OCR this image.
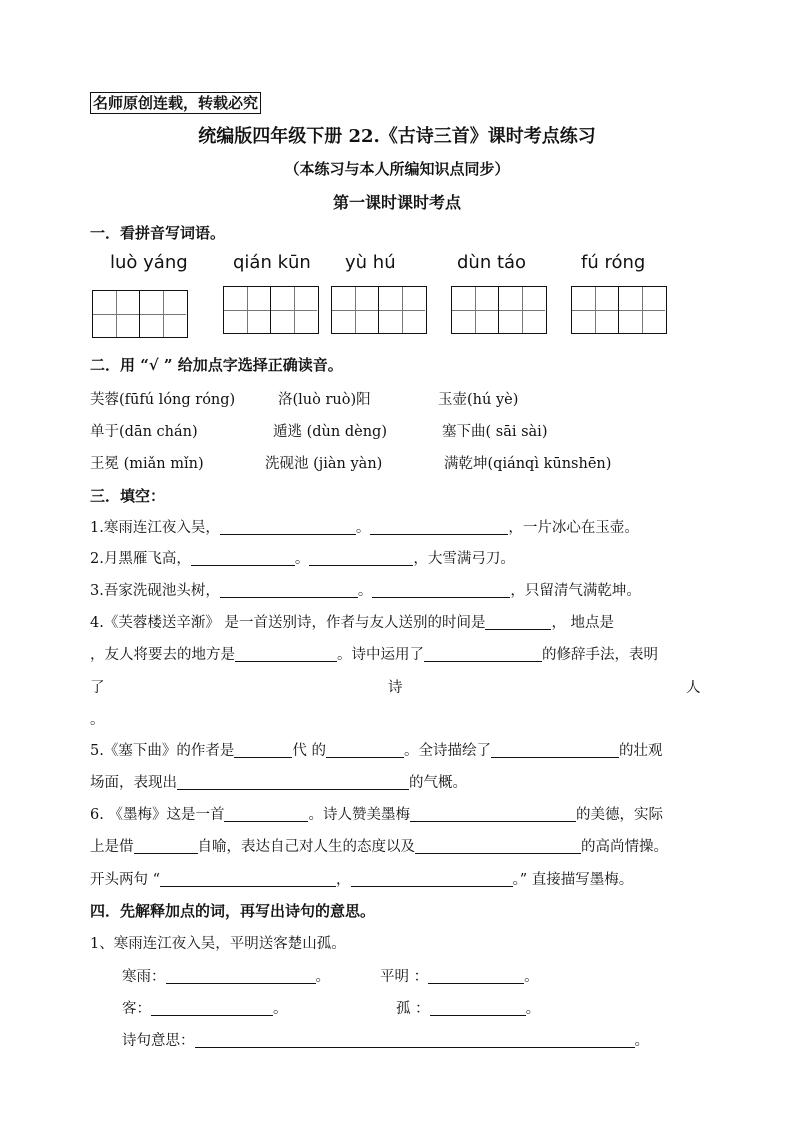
名师原创连载，转载必究
统编版四年级下册 22.《古诗三首》课时考点练习
（本练习与本人所编知识点同步）
第一课时课时考点
一．看拼音写词语。
luò yáng	qián kūn yù hú	dùn táo	fú róng
二．用 “√ ” 给加点字选择正确读音。
芙蓉(fūfú lóng róng)	洛(luò ruò)阳	玉壶(hú yè)
单于(dān chán)	遁逃 (dùn dèng)	塞下曲( sāi sài)
王冕 (miǎn mǐn)	洗砚池 (jiàn yàn)	满乾坤(qiánqì kūnshēn)
三．填空：
1.寒雨连江夜入吴，	。	，一片冰心在玉壶。
2.月黑雁飞高，	。	，大雪满弓刀。
3.吾家洗砚池头树，	。	，只留清气满乾坤。
4.《芙蓉楼送辛渐》 是一首送别诗，作者与友人送别的时间是	， 地点是
，友人将要去的地方是	。诗中运用了	的修辞手法，表明
了	诗	人
。
5.《塞下曲》的作者是	代 的	。全诗描绘了	的壮观
场面，表现出	的气概。
6. 《墨梅》这是一首	。诗人赞美墨梅	的美德，实际
上是借	自喻，表达自己对人生的态度以及	的高尚情操。
开头两句 “	，	。” 直接描写墨梅。
四．先解释加点的词，再写出诗句的意思。
1、寒雨连江夜入吴，平明送客楚山孤。
寒雨：	。	平明 ：	。
客：	。	孤 ：	。
诗句意思：	。
